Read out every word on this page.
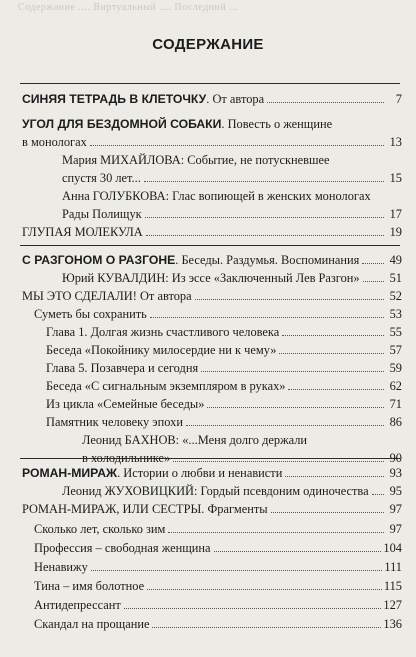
Содержание .... Виртуальный .... Последний ...
СОДЕРЖАНИЕ
СИНЯЯ ТЕТРАДЬ В КЛЕТОЧКУ. От автора	7
УГОЛ ДЛЯ БЕЗДОМНОЙ СОБАКИ. Повесть о женщине
в монологах	13
Мария МИХАЙЛОВА: Событие, не потускневшее
спустя 30 лет...	15
Анна ГОЛУБКОВА: Глас вопиющей в женских монологах
Рады Полищук	17
ГЛУПАЯ МОЛЕКУЛА	19
С РАЗГОНОМ О РАЗГОНЕ. Беседы. Раздумья. Воспоминания 49
Юрий КУВАЛДИН: Из эссе «Заключенный Лев Разгон» 51
МЫ ЭТО СДЕЛАЛИ! От автора	52
Суметь бы сохранить	53
Глава 1. Долгая жизнь счастливого человека	55
Беседа «Покойнику милосердие ни к чему»	57
Глава 5. Позавчера и сегодня	59
Беседа «С сигнальным экземпляром в руках»	62
Из цикла «Семейные беседы»	71
Памятник человеку эпохи	86
Леонид БАХНОВ: «...Меня долго держали
в холодильнике»	90
РОМАН-МИРАЖ. Истории о любви и ненависти	93
Леонид ЖУХОВИЦКИЙ: Гордый псевдоним одиночества 95
РОМАН-МИРАЖ, ИЛИ СЕСТРЫ. Фрагменты	97
Сколько лет, сколько зим	97
Профессия – свободная женщина	104
Ненавижу	111
Тина – имя болотное	115
Антидепрессант	127
Скандал на прощание	136
